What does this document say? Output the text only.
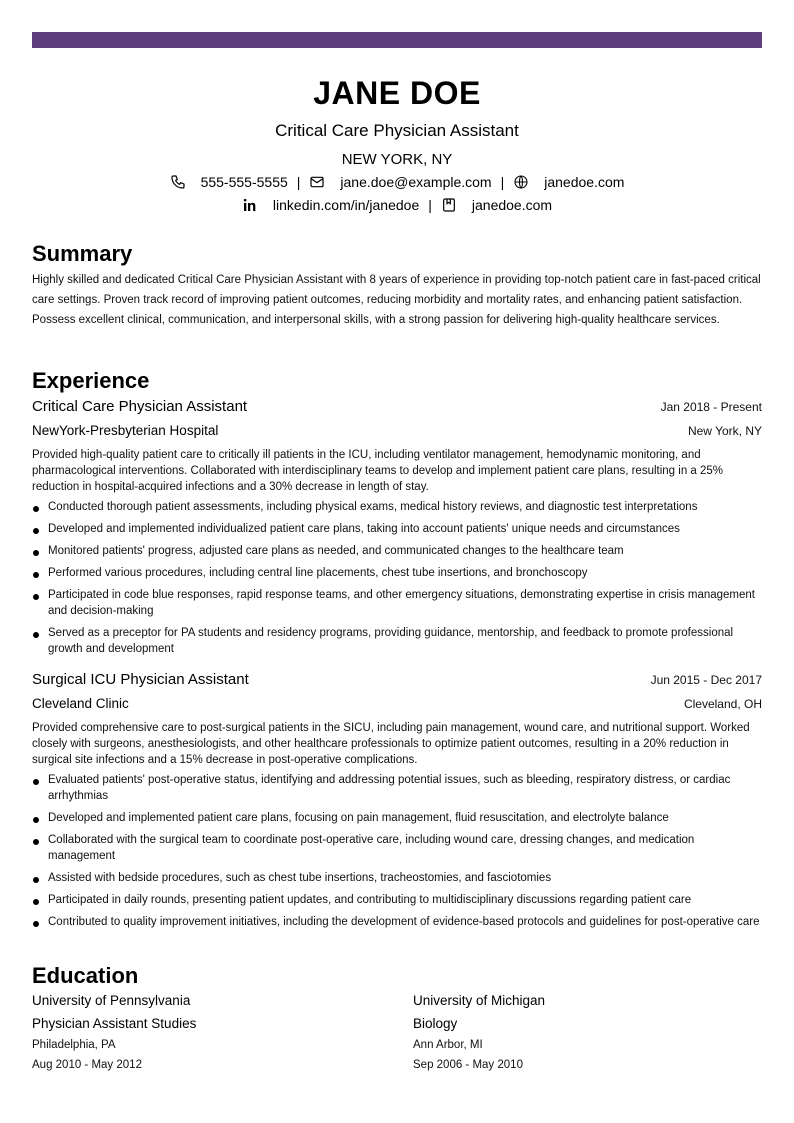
JANE DOE
Critical Care Physician Assistant
NEW YORK, NY
555-555-5555 |	jane.doe@example.com |	janedoe.com
linkedin.com/in/janedoe |	janedoe.com
Summary
Highly skilled and dedicated Critical Care Physician Assistant with 8 years of experience in providing top-notch patient care in fast-paced critical care settings. Proven track record of improving patient outcomes, reducing morbidity and mortality rates, and enhancing patient satisfaction. Possess excellent clinical, communication, and interpersonal skills, with a strong passion for delivering high-quality healthcare services.
Experience
Critical Care Physician Assistant	Jan 2018 - Present
NewYork-Presbyterian Hospital	New York, NY
Provided high-quality patient care to critically ill patients in the ICU, including ventilator management, hemodynamic monitoring, and pharmacological interventions. Collaborated with interdisciplinary teams to develop and implement patient care plans, resulting in a 25% reduction in hospital-acquired infections and a 30% decrease in length of stay.
Conducted thorough patient assessments, including physical exams, medical history reviews, and diagnostic test interpretations
Developed and implemented individualized patient care plans, taking into account patients' unique needs and circumstances
Monitored patients' progress, adjusted care plans as needed, and communicated changes to the healthcare team
Performed various procedures, including central line placements, chest tube insertions, and bronchoscopy
Participated in code blue responses, rapid response teams, and other emergency situations, demonstrating expertise in crisis management and decision-making
Served as a preceptor for PA students and residency programs, providing guidance, mentorship, and feedback to promote professional growth and development
Surgical ICU Physician Assistant	Jun 2015 - Dec 2017
Cleveland Clinic	Cleveland, OH
Provided comprehensive care to post-surgical patients in the SICU, including pain management, wound care, and nutritional support. Worked closely with surgeons, anesthesiologists, and other healthcare professionals to optimize patient outcomes, resulting in a 20% reduction in surgical site infections and a 15% decrease in post-operative complications.
Evaluated patients' post-operative status, identifying and addressing potential issues, such as bleeding, respiratory distress, or cardiac arrhythmias
Developed and implemented patient care plans, focusing on pain management, fluid resuscitation, and electrolyte balance
Collaborated with the surgical team to coordinate post-operative care, including wound care, dressing changes, and medication management
Assisted with bedside procedures, such as chest tube insertions, tracheostomies, and fasciotomies
Participated in daily rounds, presenting patient updates, and contributing to multidisciplinary discussions regarding patient care
Contributed to quality improvement initiatives, including the development of evidence-based protocols and guidelines for post-operative care
Education
University of Pennsylvania
Physician Assistant Studies
Philadelphia, PA
Aug 2010 - May 2012
University of Michigan
Biology
Ann Arbor, MI
Sep 2006 - May 2010
